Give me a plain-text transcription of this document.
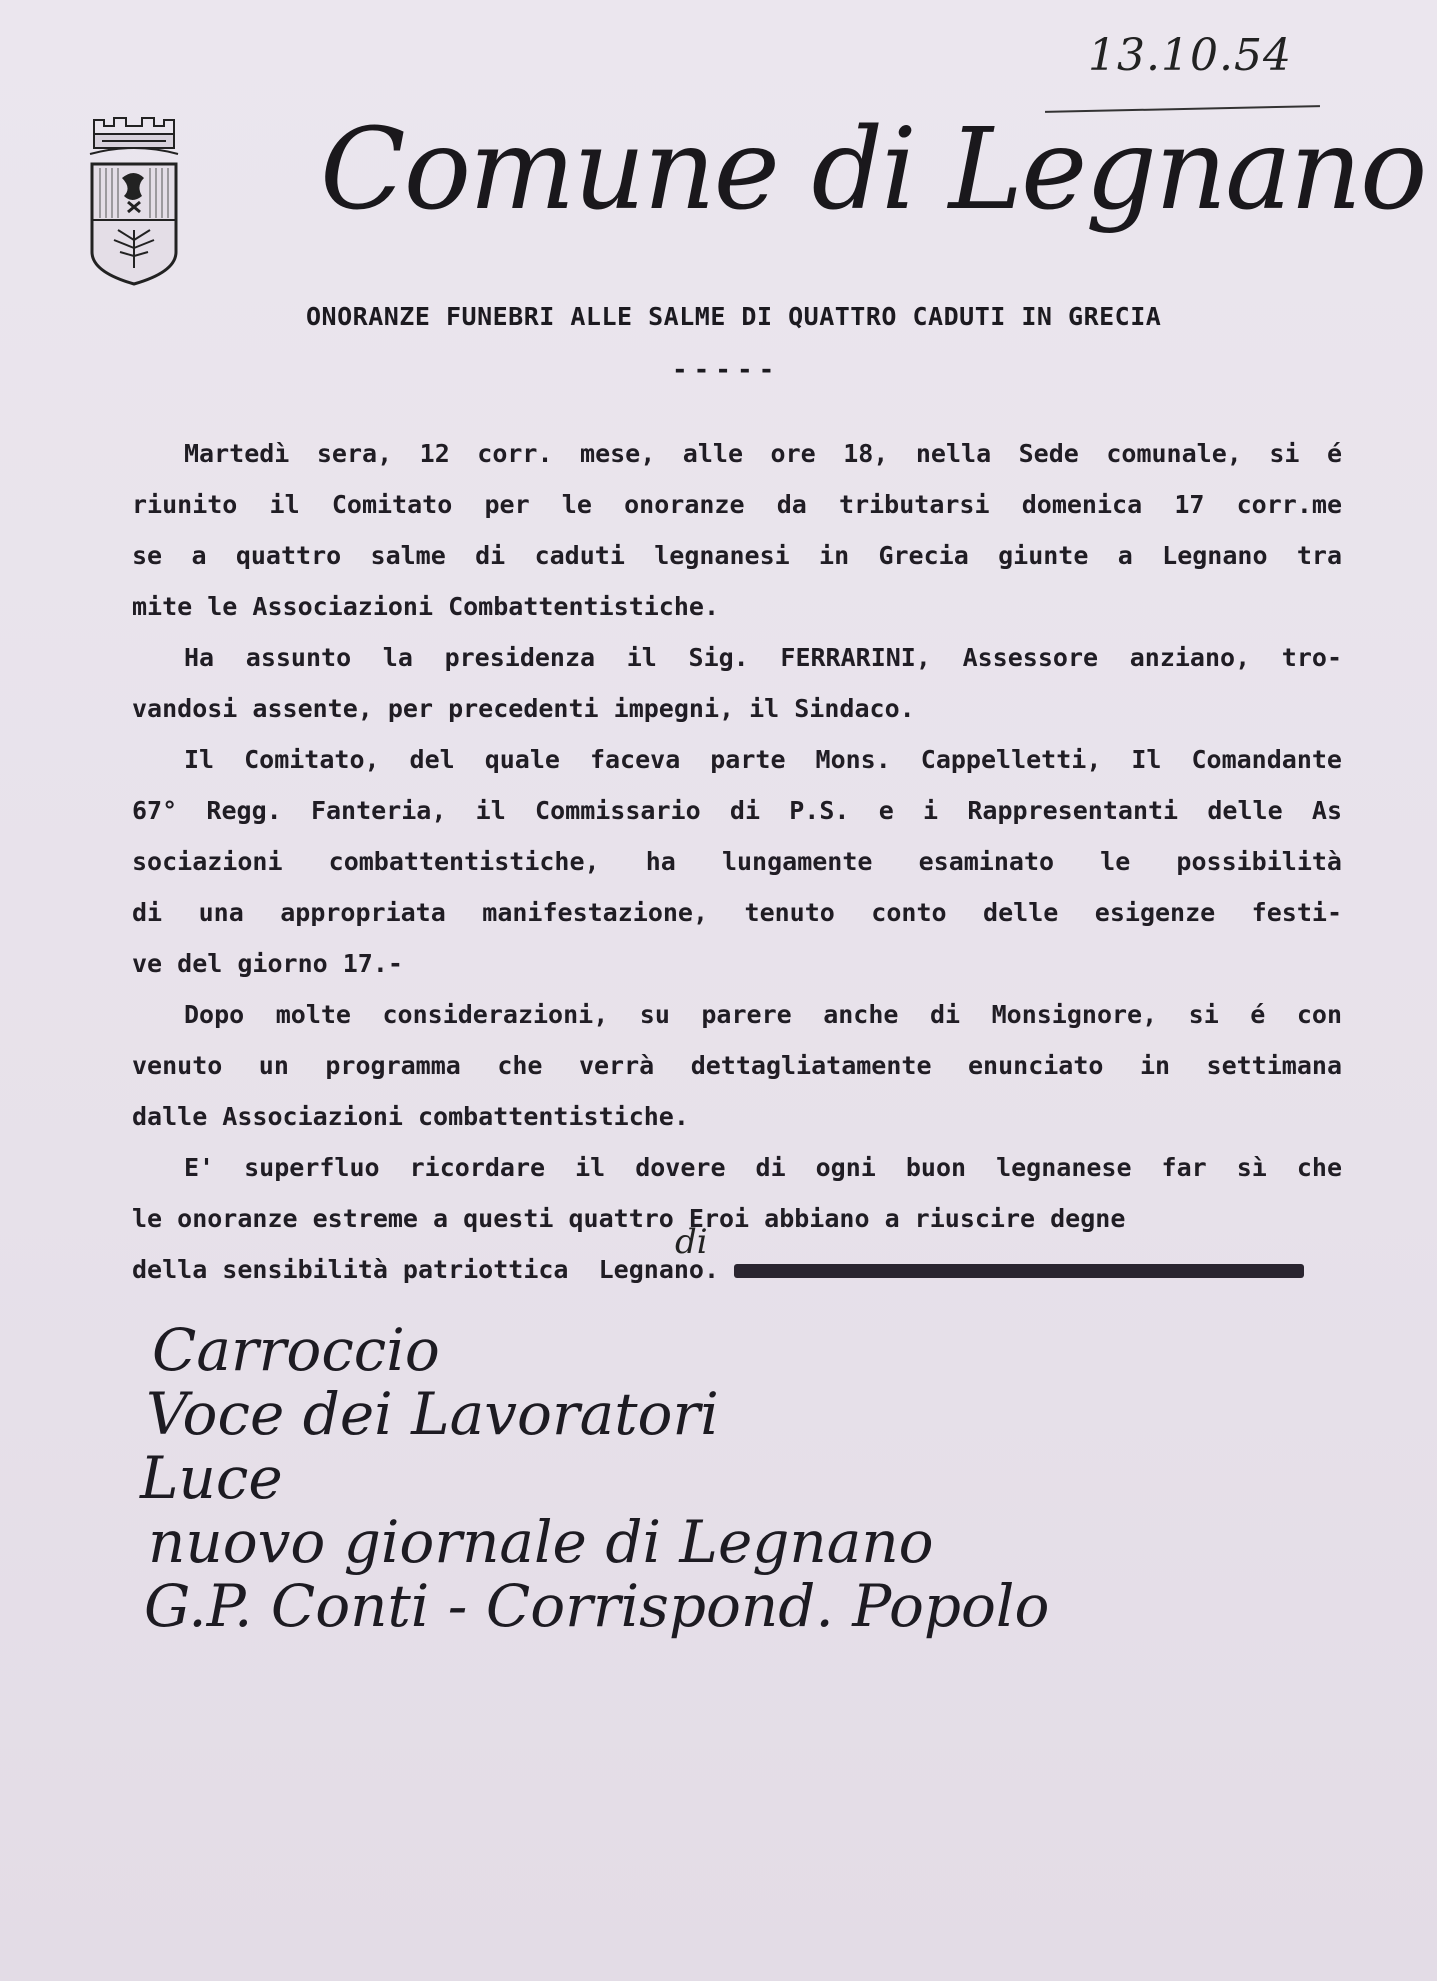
13.10.54
Comune di Legnano
ONORANZE FUNEBRI ALLE SALME DI QUATTRO CADUTI IN GRECIA
-----

Martedì sera, 12 corr. mese, alle ore 18, nella Sede comunale, si é
riunito il Comitato per le onoranze da tributarsi domenica 17 corr.me
se a quattro salme di caduti legnanesi in Grecia giunte a Legnano tra
mite le Associazioni Combattentistiche.

Ha assunto la presidenza il Sig. FERRARINI, Assessore anziano, tro-
vandosi assente, per precedenti impegni, il Sindaco.

Il Comitato, del quale faceva parte Mons. Cappelletti, Il Comandante
67° Regg. Fanteria, il Commissario di P.S. e i Rappresentanti delle As
sociazioni combattentistiche, ha lungamente esaminato le possibilità
di una appropriata manifestazione, tenuto conto delle esigenze festi-
ve del giorno 17.-

Dopo molte considerazioni, su parere anche di Monsignore, si é con
venuto un programma che verrà dettagliatamente enunciato in settimana
dalle Associazioni combattentistiche.

E' superfluo ricordare il dovere di ogni buon legnanese far sì che
le onoranze estreme a questi quattro Eroi abbiano a riuscire degne
della sensibilità patriottica Legnano.

di
Carroccio
Voce dei Lavoratori
Luce
nuovo giornale di Legnano
G.P. Conti - Corrispond. Popolo
